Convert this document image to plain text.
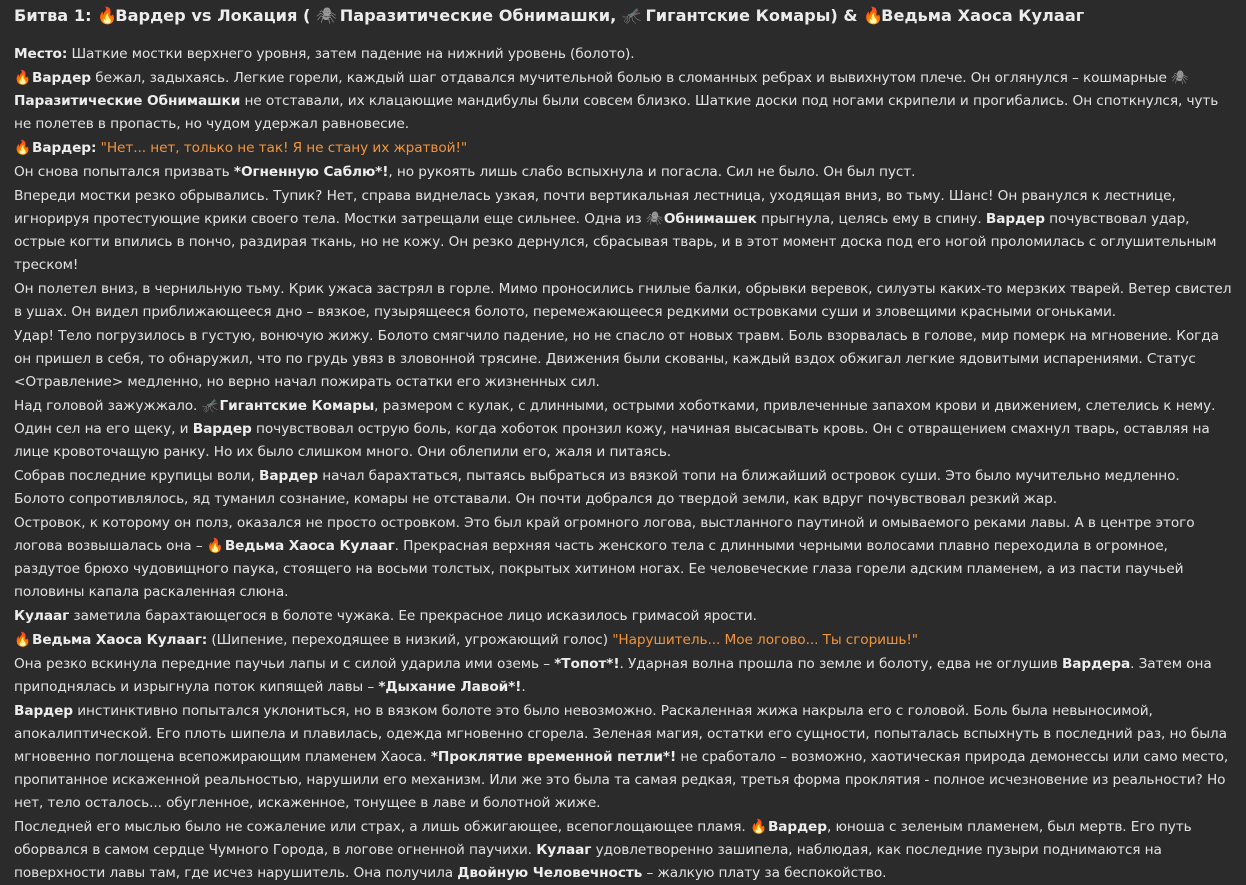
Битва 1: 🔥Вардер vs Локация ( 🕷 Паразитические Обнимашки, 🦟 Гигантские Комары) & 🔥Ведьма Хаоса Кулааг
Место: Шаткие мостки верхнего уровня, затем падение на нижний уровень (болото).
🔥Вардер бежал, задыхаясь. Легкие горели, каждый шаг отдавался мучительной болью в сломанных ребрах и вывихнутом плече. Он оглянулся – кошмарные 🕷Паразитические Обнимашки не отставали, их клацающие мандибулы были совсем близко. Шаткие доски под ногами скрипели и прогибались. Он споткнулся, чуть не полетев в пропасть, но чудом удержал равновесие.
🔥Вардер: "Нет... нет, только не так! Я не стану их жратвой!"
Он снова попытался призвать *Огненную Саблю*!, но рукоять лишь слабо вспыхнула и погасла. Сил не было. Он был пуст.
Впереди мостки резко обрывались. Тупик? Нет, справа виднелась узкая, почти вертикальная лестница, уходящая вниз, во тьму. Шанс! Он рванулся к лестнице, игнорируя протестующие крики своего тела. Мостки затрещали еще сильнее. Одна из 🕷Обнимашек прыгнула, целясь ему в спину. Вардер почувствовал удар, острые когти впились в пончо, раздирая ткань, но не кожу. Он резко дернулся, сбрасывая тварь, и в этот момент доска под его ногой проломилась с оглушительным треском!
Он полетел вниз, в чернильную тьму. Крик ужаса застрял в горле. Мимо проносились гнилые балки, обрывки веревок, силуэты каких-то мерзких тварей. Ветер свистел в ушах. Он видел приближающееся дно – вязкое, пузырящееся болото, перемежающееся редкими островками суши и зловещими красными огоньками.
Удар! Тело погрузилось в густую, вонючую жижу. Болото смягчило падение, но не спасло от новых травм. Боль взорвалась в голове, мир померк на мгновение. Когда он пришел в себя, то обнаружил, что по грудь увяз в зловонной трясине. Движения были скованы, каждый вздох обжигал легкие ядовитыми испарениями. Статус <Отравление> медленно, но верно начал пожирать остатки его жизненных сил.
Над головой зажужжало. 🦟Гигантские Комары, размером с кулак, с длинными, острыми хоботками, привлеченные запахом крови и движением, слетелись к нему. Один сел на его щеку, и Вардер почувствовал острую боль, когда хоботок пронзил кожу, начиная высасывать кровь. Он с отвращением смахнул тварь, оставляя на лице кровоточащую ранку. Но их было слишком много. Они облепили его, жаля и питаясь.
Собрав последние крупицы воли, Вардер начал барахтаться, пытаясь выбраться из вязкой топи на ближайший островок суши. Это было мучительно медленно. Болото сопротивлялось, яд туманил сознание, комары не отставали. Он почти добрался до твердой земли, как вдруг почувствовал резкий жар.
Островок, к которому он полз, оказался не просто островком. Это был край огромного логова, выстланного паутиной и омываемого реками лавы. А в центре этого логова возвышалась она – 🔥Ведьма Хаоса Кулааг. Прекрасная верхняя часть женского тела с длинными черными волосами плавно переходила в огромное, раздутое брюхо чудовищного паука, стоящего на восьми толстых, покрытых хитином ногах. Ее человеческие глаза горели адским пламенем, а из пасти паучьей половины капала раскаленная слюна.
Кулааг заметила барахтающегося в болоте чужака. Ее прекрасное лицо исказилось гримасой ярости.
🔥Ведьма Хаоса Кулааг: (Шипение, переходящее в низкий, угрожающий голос) "Нарушитель... Мое логово... Ты сгоришь!"
Она резко вскинула передние паучьи лапы и с силой ударила ими оземь – *Топот*!. Ударная волна прошла по земле и болоту, едва не оглушив Вардера. Затем она приподнялась и изрыгнула поток кипящей лавы – *Дыхание Лавой*!.
Вардер инстинктивно попытался уклониться, но в вязком болоте это было невозможно. Раскаленная жижа накрыла его с головой. Боль была невыносимой, апокалиптической. Его плоть шипела и плавилась, одежда мгновенно сгорела. Зеленая магия, остатки его сущности, попыталась вспыхнуть в последний раз, но была мгновенно поглощена всепожирающим пламенем Хаоса. *Проклятие временной петли*! не сработало – возможно, хаотическая природа демонессы или само место, пропитанное искаженной реальностью, нарушили его механизм. Или же это была та самая редкая, третья форма проклятия - полное исчезновение из реальности? Но нет, тело осталось... обугленное, искаженное, тонущее в лаве и болотной жиже.
Последней его мыслью было не сожаление или страх, а лишь обжигающее, всепоглощающее пламя. 🔥Вардер, юноша с зеленым пламенем, был мертв. Его путь оборвался в самом сердце Чумного Города, в логове огненной паучихи. Кулааг удовлетворенно зашипела, наблюдая, как последние пузыри поднимаются на поверхности лавы там, где исчез нарушитель. Она получила Двойную Человечность – жалкую плату за беспокойство.
